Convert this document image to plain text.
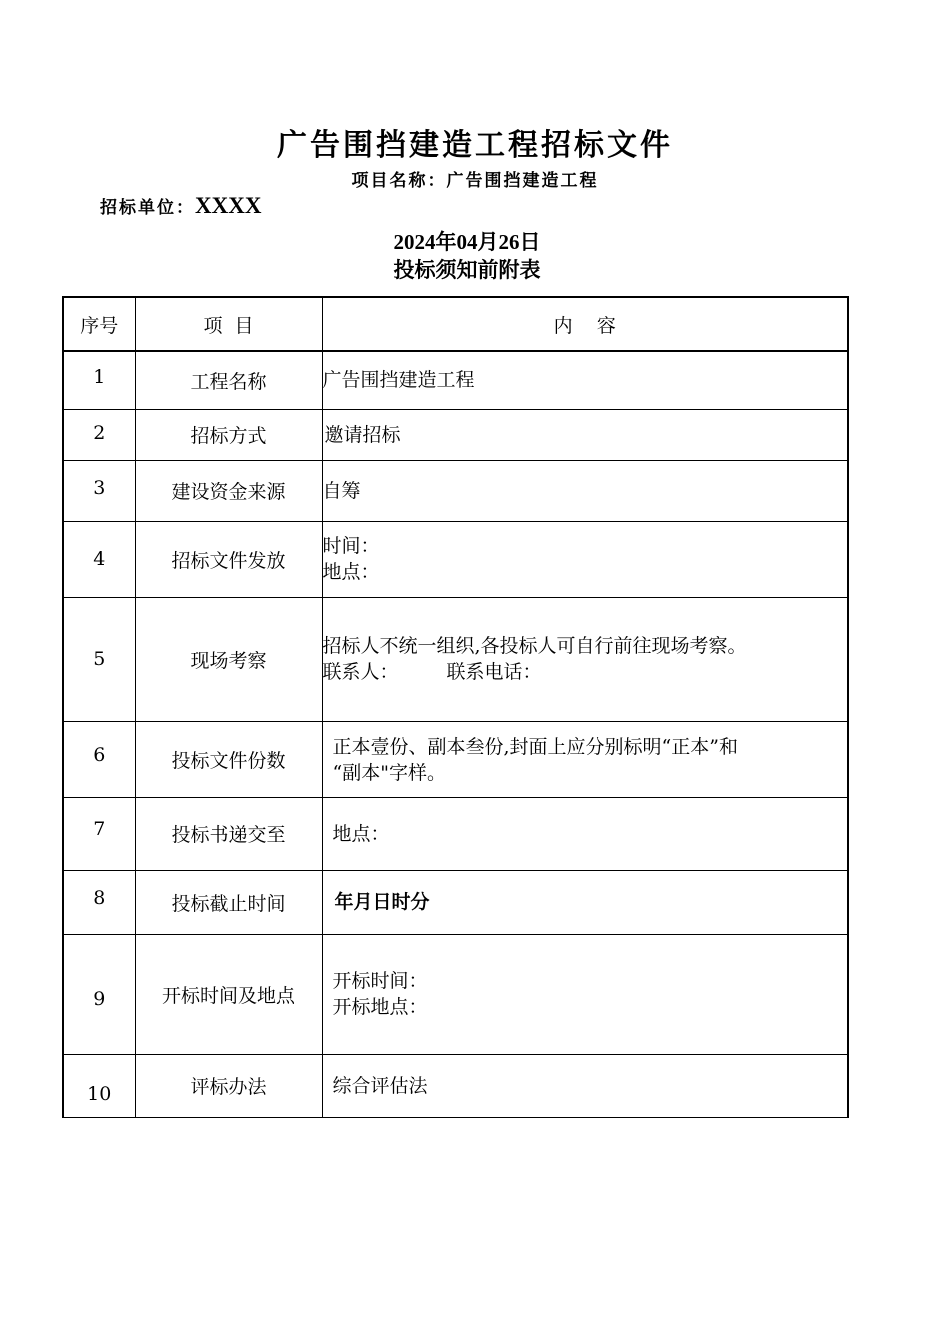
广告围挡建造工程招标文件
项目名称：广告围挡建造工程
招标单位：XXXX
2024年04月26日
投标须知前附表
序号	项  目	内    容
1	工程名称	广告围挡建造工程

2	招标方式	邀请招标

3	建设资金来源	自筹

4	招标文件发放	时间：
地点：

5	现场考察	招标人不统一组织,各投标人可自行前往现场考察。
联系人： 联系电话：

6	投标文件份数	正本壹份、副本叁份,封面上应分别标明“正本”和
“副本"字样。

7	投标书递交至	地点：

8	投标截止时间	年月日时分

9	开标时间及地点	开标时间：
开标地点：

10	评标办法	综合评估法
